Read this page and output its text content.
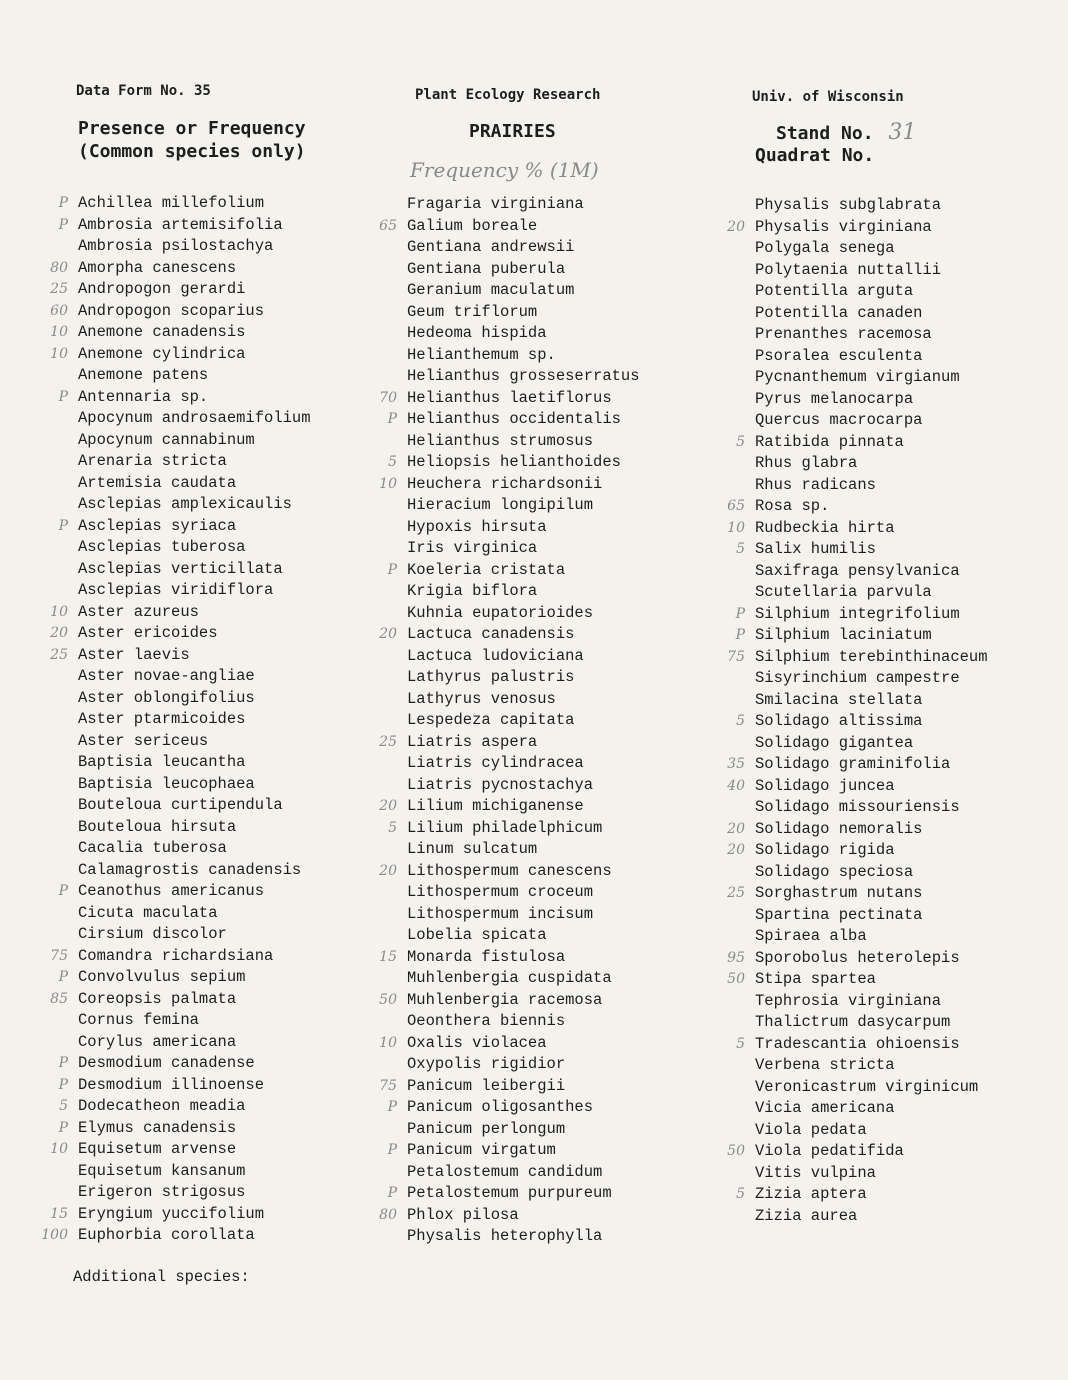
Data Form No. 35
Presence or Frequency
(Common species only)
Plant Ecology Research
PRAIRIES
Frequency % (1M)
Univ. of Wisconsin
Stand No. 31
Quadrat No.
P Achillea millefolium
P Ambrosia artemisifolia
Ambrosia psilostachya
80 Amorpha canescens
25 Andropogon gerardi
60 Andropogon scoparius
10 Anemone canadensis
10 Anemone cylindrica
Anemone patens
P Antennaria sp.
Apocynum androsaemifolium
Apocynum cannabinum
Arenaria stricta
Artemisia caudata
Asclepias amplexicaulis
P Asclepias syriaca
Asclepias tuberosa
Asclepias verticillata
Asclepias viridiflora
10 Aster azureus
20 Aster ericoides
25 Aster laevis
Aster novae-angliae
Aster oblongifolius
Aster ptarmicoides
Aster sericeus
Baptisia leucantha
Baptisia leucophaea
Bouteloua curtipendula
Bouteloua hirsuta
Cacalia tuberosa
Calamagrostis canadensis
P Ceanothus americanus
Cicuta maculata
Cirsium discolor
75 Comandra richardsiana
P Convolvulus sepium
85 Coreopsis palmata
Cornus femina
Corylus americana
P Desmodium canadense
P Desmodium illinoense
5 Dodecatheon meadia
P Elymus canadensis
10 Equisetum arvense
Equisetum kansanum
Erigeron strigosus
15 Eryngium yuccifolium
100 Euphorbia corollata
Fragaria virginiana
65 Galium boreale
Gentiana andrewsii
Gentiana puberula
Geranium maculatum
Geum triflorum
Hedeoma hispida
Helianthemum sp.
Helianthus grosseserratus
70 Helianthus laetiflorus
P Helianthus occidentalis
Helianthus strumosus
5 Heliopsis helianthoides
10 Heuchera richardsonii
Hieracium longipilum
Hypoxis hirsuta
Iris virginica
P Koeleria cristata
Krigia biflora
Kuhnia eupatorioides
20 Lactuca canadensis
Lactuca ludoviciana
Lathyrus palustris
Lathyrus venosus
Lespedeza capitata
25 Liatris aspera
Liatris cylindracea
Liatris pycnostachya
20 Lilium michiganense
5 Lilium philadelphicum
Linum sulcatum
20 Lithospermum canescens
Lithospermum croceum
Lithospermum incisum
Lobelia spicata
15 Monarda fistulosa
Muhlenbergia cuspidata
50 Muhlenbergia racemosa
Oeonthera biennis
10 Oxalis violacea
Oxypolis rigidior
75 Panicum leibergii
P Panicum oligosanthes
Panicum perlongum
P Panicum virgatum
Petalostemum candidum
P Petalostemum purpureum
80 Phlox pilosa
Physalis heterophylla
Physalis subglabrata
20 Physalis virginiana
Polygala senega
Polytaenia nuttallii
Potentilla arguta
Potentilla canaden
Prenanthes racemosa
Psoralea esculenta
Pycnanthemum virgianum
Pyrus melanocarpa
Quercus macrocarpa
5 Ratibida pinnata
Rhus glabra
Rhus radicans
65 Rosa sp.
10 Rudbeckia hirta
5 Salix humilis
Saxifraga pensylvanica
Scutellaria parvula
P Silphium integrifolium
P Silphium laciniatum
75 Silphium terebinthinaceum
Sisyrinchium campestre
Smilacina stellata
5 Solidago altissima
Solidago gigantea
35 Solidago graminifolia
40 Solidago juncea
Solidago missouriensis
20 Solidago nemoralis
20 Solidago rigida
Solidago speciosa
25 Sorghastrum nutans
Spartina pectinata
Spiraea alba
95 Sporobolus heterolepis
50 Stipa spartea
Tephrosia virginiana
Thalictrum dasycarpum
5 Tradescantia ohioensis
Verbena stricta
Veronicastrum virginicum
Vicia americana
Viola pedata
50 Viola pedatifida
Vitis vulpina
5 Zizia aptera
Zizia aurea
Additional species:
